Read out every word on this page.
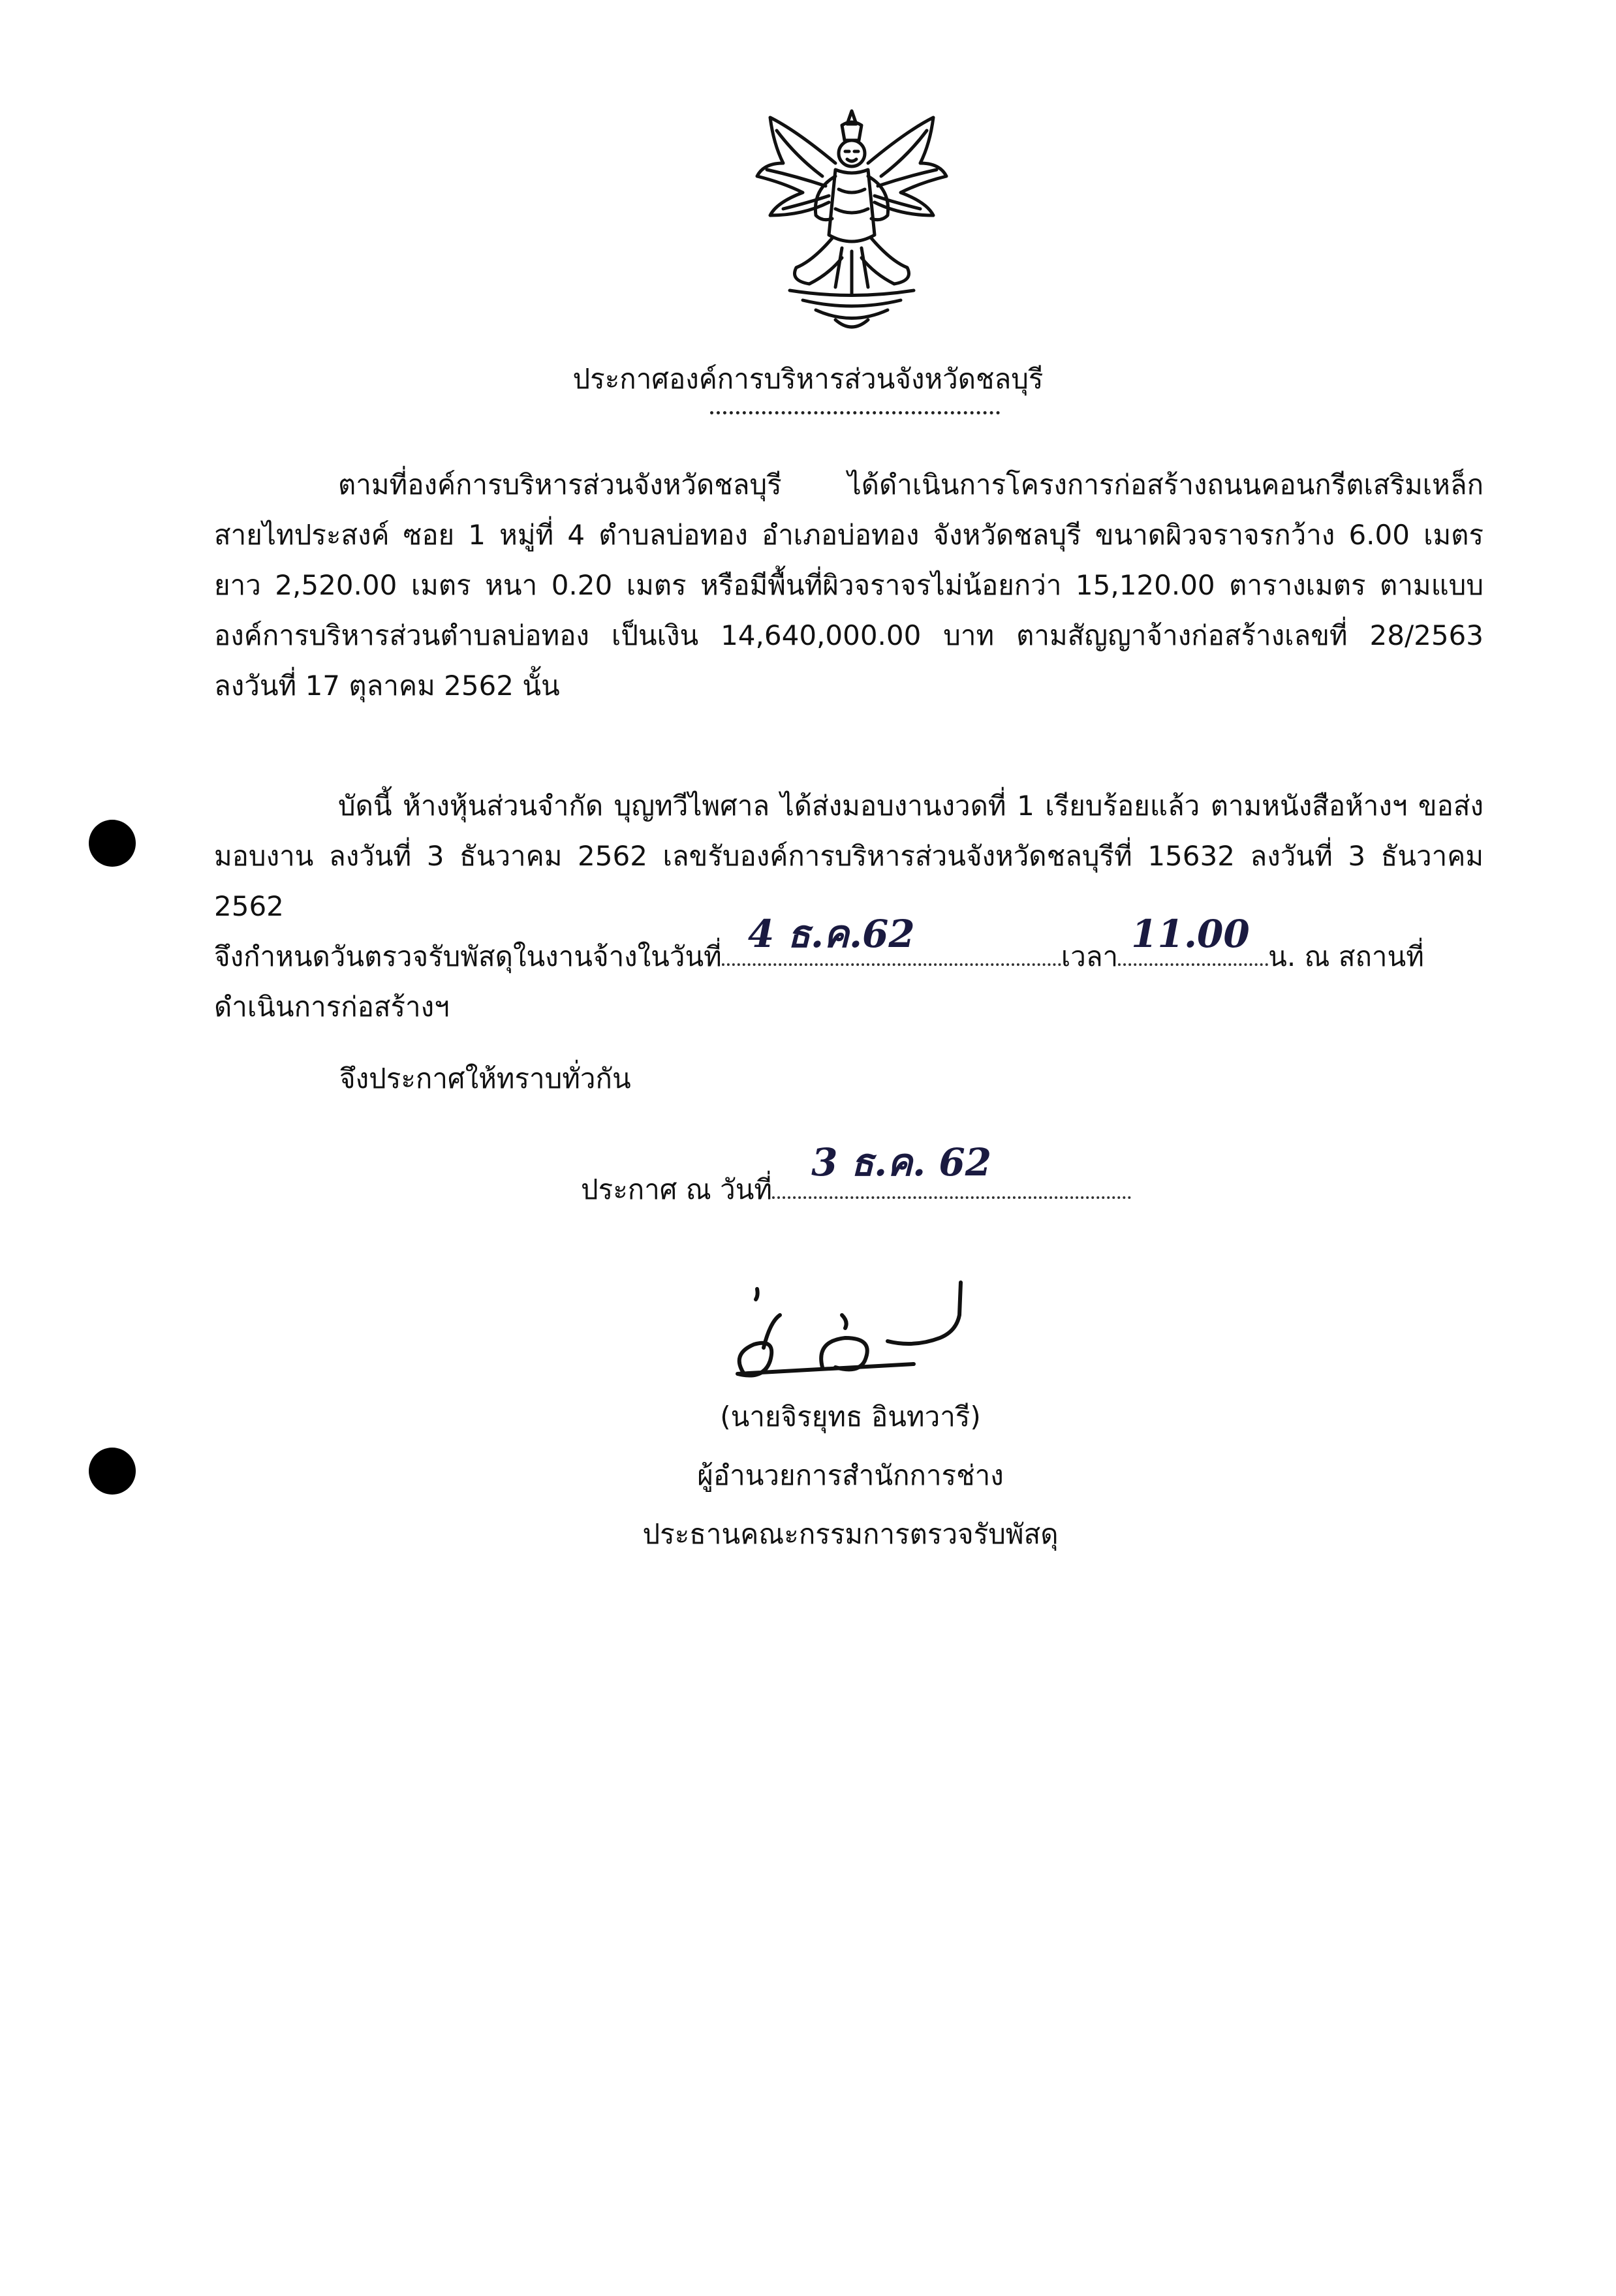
ประกาศองค์การบริหารส่วนจังหวัดชลบุรี
ตามที่องค์การบริหารส่วนจังหวัดชลบุรี ได้ดำเนินการโครงการก่อสร้างถนนคอนกรีตเสริมเหล็ก
สายไทประสงค์ ซอย 1 หมู่ที่ 4 ตำบลบ่อทอง อำเภอบ่อทอง จังหวัดชลบุรี ขนาดผิวจราจรกว้าง 6.00 เมตร
ยาว 2,520.00 เมตร หนา 0.20 เมตร หรือมีพื้นที่ผิวจราจรไม่น้อยกว่า 15,120.00 ตารางเมตร ตามแบบ
องค์การบริหารส่วนตำบลบ่อทอง เป็นเงิน 14,640,000.00 บาท ตามสัญญาจ้างก่อสร้างเลขที่ 28/2563
ลงวันที่ 17 ตุลาคม 2562 นั้น
บัดนี้ ห้างหุ้นส่วนจำกัด บุญทวีไพศาล ได้ส่งมอบงานงวดที่ 1 เรียบร้อยแล้ว ตามหนังสือห้างฯ ขอส่ง
มอบงาน ลงวันที่ 3 ธันวาคม 2562 เลขรับองค์การบริหารส่วนจังหวัดชลบุรีที่ 15632 ลงวันที่ 3 ธันวาคม 2562
จึงกำหนดวันตรวจรับพัสดุในงานจ้างในวันที่
4 ธ.ค.62
เวลา
11.00
น. ณ สถานที่
ดำเนินการก่อสร้างฯ
จึงประกาศให้ทราบทั่วกัน
ประกาศ ณ วันที่
3 ธ.ค. 62
(นายจิรยุทธ อินทวารี)
ผู้อำนวยการสำนักการช่าง
ประธานคณะกรรมการตรวจรับพัสดุ
